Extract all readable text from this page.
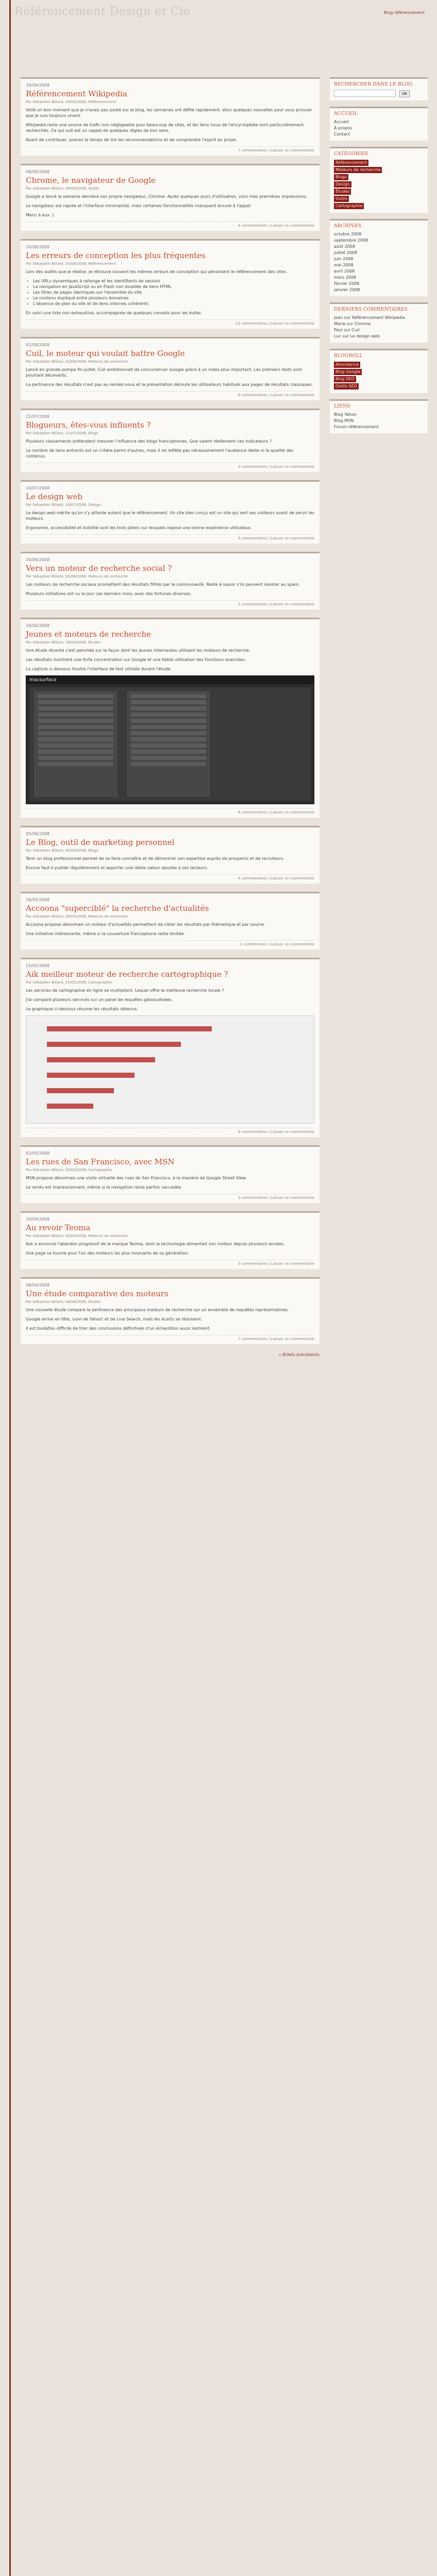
Référencement Design et Cie	Blog référencement
29/09/2008
Référencement Wikipedia
Par Sébastien Billard, 29/09/2008, Référencement

Voilà un bon moment que je n'avais pas posté sur le blog, les semaines ont défilé rapidement. Voici quelques nouvelles pour vous prouver que je suis toujours vivant.

Wikipedia reste une source de trafic non négligeable pour beaucoup de sites, et les liens issus de l'encyclopédie sont particulièrement recherchés. Ce qui suit est un rappel de quelques règles de bon sens.

Avant de contribuer, prenez le temps de lire les recommandations et de comprendre l'esprit du projet.

7 commentaires | Laisser un commentaire
08/09/2008
Chrome, le navigateur de Google
Par Sébastien Billard, 08/09/2008, Outils

Google a lancé la semaine dernière son propre navigateur, Chrome. Après quelques jours d'utilisation, voici mes premières impressions.

Le navigateur est rapide et l'interface minimaliste, mais certaines fonctionnalités manquent encore à l'appel.

Merci à eux :)

4 commentaires | Laisser un commentaire
20/08/2008
Les erreurs de conception les plus fréquentes
Par Sébastien Billard, 20/08/2008, Référencement

Lors des audits que je réalise, je retrouve souvent les mêmes erreurs de conception qui pénalisent le référencement des sites.

• Les URLs dynamiques à rallonge et les identifiants de session
• La navigation en JavaScript ou en Flash non doublée de liens HTML
• Les titres de pages identiques sur l'ensemble du site
• Le contenu dupliqué entre plusieurs domaines
• L'absence de plan du site et de liens internes cohérents

En voici une liste non exhaustive, accompagnée de quelques conseils pour les éviter.

12 commentaires | Laisser un commentaire
02/08/2008
Cuil, le moteur qui voulait battre Google
Par Sébastien Billard, 02/08/2008, Moteurs de recherche

Lancé en grande pompe fin juillet, Cuil ambitionnait de concurrencer Google grâce à un index plus important. Les premiers tests sont pourtant décevants.

La pertinence des résultats n'est pas au rendez-vous et la présentation déroute les utilisateurs habitués aux pages de résultats classiques.

6 commentaires | Laisser un commentaire
21/07/2008
Blogueurs, êtes-vous influents ?
Par Sébastien Billard, 21/07/2008, Blogs

Plusieurs classements prétendent mesurer l'influence des blogs francophones. Que valent réellement ces indicateurs ?

Le nombre de liens entrants est un critère parmi d'autres, mais il ne reflète pas nécessairement l'audience réelle ni la qualité des contenus.

3 commentaires | Laisser un commentaire
10/07/2008
Le design web
Par Sébastien Billard, 10/07/2008, Design

Le design web mérite qu'on s'y attarde autant que le référencement. Un site bien conçu est un site qui sert ses visiteurs avant de servir les moteurs.

Ergonomie, accessibilité et lisibilité sont les trois piliers sur lesquels repose une bonne expérience utilisateur.

5 commentaires | Laisser un commentaire
30/06/2008
Vers un moteur de recherche social ?
Par Sébastien Billard, 30/06/2008, Moteurs de recherche

Les moteurs de recherche sociaux promettent des résultats filtrés par la communauté. Reste à savoir s'ils peuvent résister au spam.

Plusieurs initiatives ont vu le jour ces derniers mois, avec des fortunes diverses.

2 commentaires | Laisser un commentaire
18/06/2008
Jeunes et moteurs de recherche
Par Sébastien Billard, 18/06/2008, Études

Une étude récente s'est penchée sur la façon dont les jeunes internautes utilisent les moteurs de recherche.

Les résultats montrent une forte concentration sur Google et une faible utilisation des fonctions avancées.

La capture ci-dessous illustre l'interface de test utilisée durant l'étude.

macsurface
8 commentaires | Laisser un commentaire
05/06/2008
Le Blog, outil de marketing personnel
Par Sébastien Billard, 05/06/2008, Blogs

Tenir un blog professionnel permet de se faire connaître et de démontrer son expertise auprès de prospects et de recruteurs.

Encore faut-il publier régulièrement et apporter une réelle valeur ajoutée à ses lecteurs.

4 commentaires | Laisser un commentaire
26/05/2008
Accoona "superciblé" la recherche d'actualités
Par Sébastien Billard, 26/05/2008, Moteurs de recherche

Accoona propose désormais un moteur d'actualités permettant de cibler les résultats par thématique et par source.

Une initiative intéressante, même si la couverture francophone reste limitée.

1 commentaire | Laisser un commentaire
15/05/2008
Aik meilleur moteur de recherche cartographique ?
Par Sébastien Billard, 15/05/2008, Cartographie

Les services de cartographie en ligne se multiplient. Lequel offre la meilleure recherche locale ?

J'ai comparé plusieurs services sur un panel de requêtes géolocalisées.

Le graphique ci-dessous résume les résultats obtenus.

9 commentaires | Laisser un commentaire
02/05/2008
Les rues de San Francisco, avec MSN
Par Sébastien Billard, 02/05/2008, Cartographie

MSN propose désormais une visite virtuelle des rues de San Francisco, à la manière de Google Street View.

Le rendu est impressionnant, même si la navigation reste parfois saccadée.

3 commentaires | Laisser un commentaire
20/04/2008
Au revoir Teoma
Par Sébastien Billard, 20/04/2008, Moteurs de recherche

Ask a annoncé l'abandon progressif de la marque Teoma, dont la technologie alimentait son moteur depuis plusieurs années.

Une page se tourne pour l'un des moteurs les plus innovants de sa génération.

5 commentaires | Laisser un commentaire
08/04/2008
Une étude comparative des moteurs
Par Sébastien Billard, 08/04/2008, Études

Une nouvelle étude compare la pertinence des principaux moteurs de recherche sur un ensemble de requêtes représentatives.

Google arrive en tête, suivi de Yahoo! et de Live Search, mais les écarts se réduisent.

Il est toutefois difficile de tirer des conclusions définitives d'un échantillon aussi restreint.

7 commentaires | Laisser un commentaire
« Billets précédents
RECHERCHER DANS LE BLOG
OK
ACCUEIL
Accueil
À propos
Contact
CATÉGORIES
Référencement
Moteurs de recherche
Blogs
Design
Études
Outils
Cartographie
ARCHIVES
octobre 2008
septembre 2008
août 2008
juillet 2008
juin 2008
mai 2008
avril 2008
mars 2008
février 2008
janvier 2008
DERNIERS COMMENTAIRES
Jean sur Référencement Wikipedia
Marie sur Chrome
Paul sur Cuil
Luc sur Le design web
BLOGROLL
Abondance
Blog Google
Blog SEO
Outils SEO
LIENS
Blog Yahoo
Blog MSN
Forum référencement
